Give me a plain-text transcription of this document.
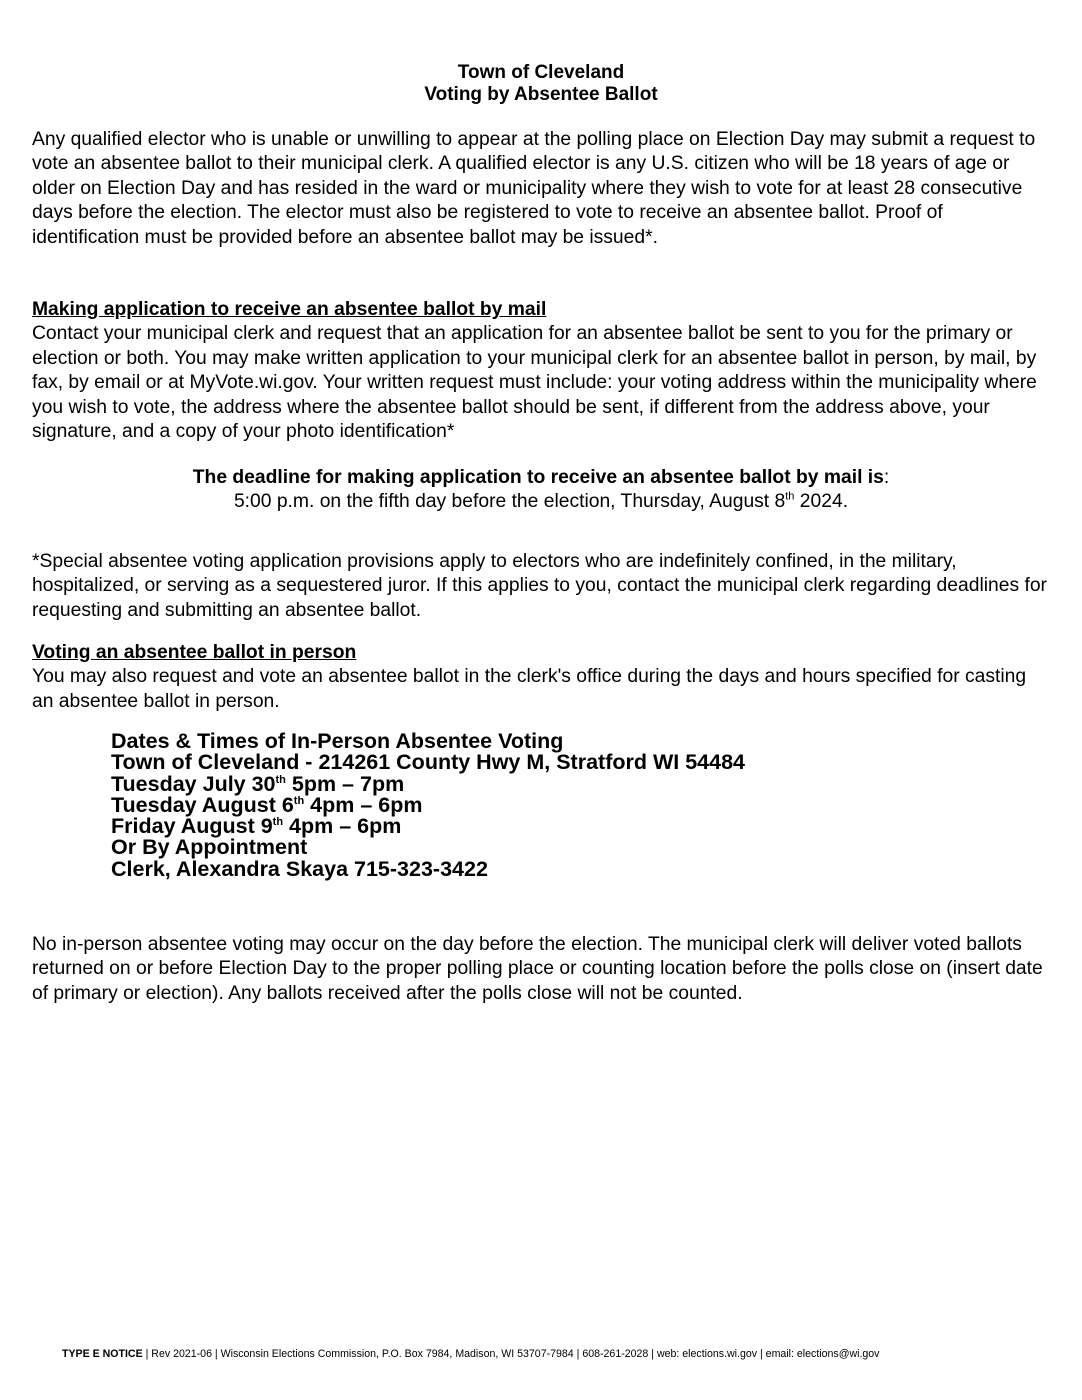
Town of Cleveland
Voting by Absentee Ballot

Any qualified elector who is unable or unwilling to appear at the polling place on Election Day may submit a request to vote an absentee ballot to their municipal clerk. A qualified elector is any U.S. citizen who will be 18 years of age or older on Election Day and has resided in the ward or municipality where they wish to vote for at least 28 consecutive days before the election. The elector must also be registered to vote to receive an absentee ballot. Proof of identification must be provided before an absentee ballot may be issued*.

Making application to receive an absentee ballot by mail
Contact your municipal clerk and request that an application for an absentee ballot be sent to you for the primary or election or both. You may make written application to your municipal clerk for an absentee ballot in person, by mail, by fax, by email or at MyVote.wi.gov. Your written request must include: your voting address within the municipality where you wish to vote, the address where the absentee ballot should be sent, if different from the address above, your signature, and a copy of your photo identification*
The deadline for making application to receive an absentee ballot by mail is:
5:00 p.m. on the fifth day before the election, Thursday, August 8th 2024.

*Special absentee voting application provisions apply to electors who are indefinitely confined, in the military, hospitalized, or serving as a sequestered juror. If this applies to you, contact the municipal clerk regarding deadlines for requesting and submitting an absentee ballot.

Voting an absentee ballot in person
You may also request and vote an absentee ballot in the clerk's office during the days and hours specified for casting an absentee ballot in person.
Dates & Times of In-Person Absentee Voting
Town of Cleveland - 214261 County Hwy M, Stratford WI 54484
Tuesday July 30th 5pm – 7pm
Tuesday August 6th 4pm – 6pm
Friday August 9th 4pm – 6pm
Or By Appointment
Clerk, Alexandra Skaya 715-323-3422

No in-person absentee voting may occur on the day before the election. The municipal clerk will deliver voted ballots returned on or before Election Day to the proper polling place or counting location before the polls close on (insert date of primary or election). Any ballots received after the polls close will not be counted.

TYPE E NOTICE | Rev 2021-06 | Wisconsin Elections Commission, P.O. Box 7984, Madison, WI 53707-7984 | 608-261-2028 | web: elections.wi.gov | email: elections@wi.gov
